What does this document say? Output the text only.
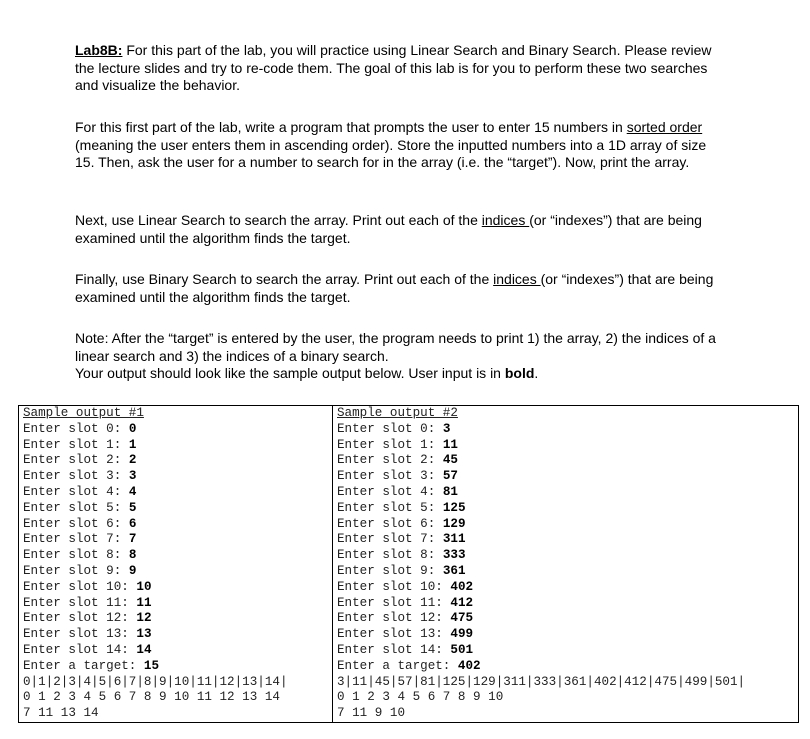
Lab8B: For this part of the lab, you will practice using Linear Search and Binary Search. Please review the lecture slides and try to re-code them. The goal of this lab is for you to perform these two searches and visualize the behavior.

For this first part of the lab, write a program that prompts the user to enter 15 numbers in sorted order (meaning the user enters them in ascending order). Store the inputted numbers into a 1D array of size 15. Then, ask the user for a number to search for in the array (i.e. the “target”). Now, print the array.

Next, use Linear Search to search the array. Print out each of the indices (or “indexes”) that are being examined until the algorithm finds the target.

Finally, use Binary Search to search the array. Print out each of the indices (or “indexes”) that are being examined until the algorithm finds the target.

Note: After the “target” is entered by the user, the program needs to print 1) the array, 2) the indices of a linear search and 3) the indices of a binary search.
Your output should look like the sample output below. User input is in bold.

Sample output #1
Enter slot 0: 0
Enter slot 1: 1
Enter slot 2: 2
Enter slot 3: 3
Enter slot 4: 4
Enter slot 5: 5
Enter slot 6: 6
Enter slot 7: 7
Enter slot 8: 8
Enter slot 9: 9
Enter slot 10: 10
Enter slot 11: 11
Enter slot 12: 12
Enter slot 13: 13
Enter slot 14: 14
Enter a target: 15
0|1|2|3|4|5|6|7|8|9|10|11|12|13|14|
0 1 2 3 4 5 6 7 8 9 10 11 12 13 14
7 11 13 14

Sample output #2
Enter slot 0: 3
Enter slot 1: 11
Enter slot 2: 45
Enter slot 3: 57
Enter slot 4: 81
Enter slot 5: 125
Enter slot 6: 129
Enter slot 7: 311
Enter slot 8: 333
Enter slot 9: 361
Enter slot 10: 402
Enter slot 11: 412
Enter slot 12: 475
Enter slot 13: 499
Enter slot 14: 501
Enter a target: 402
3|11|45|57|81|125|129|311|333|361|402|412|475|499|501|
0 1 2 3 4 5 6 7 8 9 10
7 11 9 10
